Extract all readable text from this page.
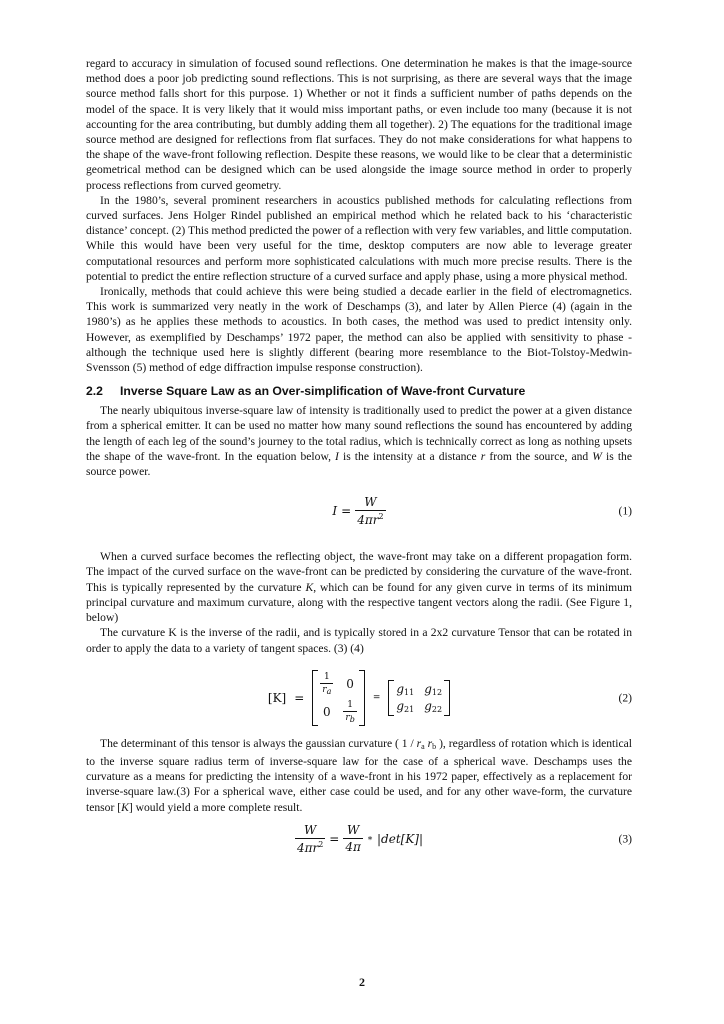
regard to accuracy in simulation of focused sound reflections. One determination he makes is that the image-source method does a poor job predicting sound reflections. This is not surprising, as there are several ways that the image source method falls short for this purpose. 1) Whether or not it finds a sufficient number of paths depends on the model of the space. It is very likely that it would miss important paths, or even include too many (because it is not accounting for the area contributing, but dumbly adding them all together). 2) The equations for the traditional image source method are designed for reflections from flat surfaces. They do not make considerations for what happens to the shape of the wave-front following reflection. Despite these reasons, we would like to be clear that a deterministic geometrical method can be designed which can be used alongside the image source method in order to properly process reflections from curved geometry.

In the 1980’s, several prominent researchers in acoustics published methods for calculating reflections from curved surfaces. Jens Holger Rindel published an empirical method which he related back to his ‘characteristic distance’ concept. (2) This method predicted the power of a reflection with very few variables, and little computation. While this would have been very useful for the time, desktop computers are now able to leverage greater computational resources and perform more sophisticated calculations with much more precise results. There is the potential to predict the entire reflection structure of a curved surface and apply phase, using a more physical method.

Ironically, methods that could achieve this were being studied a decade earlier in the field of electromagnetics. This work is summarized very neatly in the work of Deschamps (3), and later by Allen Pierce (4) (again in the 1980’s) as he applies these methods to acoustics. In both cases, the method was used to predict intensity only. However, as exemplified by Deschamps’ 1972 paper, the method can also be applied with sensitivity to phase - although the technique used here is slightly different (bearing more resemblance to the Biot-Tolstoy-Medwin-Svensson (5) method of edge diffraction impulse response construction).

2.2	Inverse Square Law as an Over-simplification of Wave-front Curvature

The nearly ubiquitous inverse-square law of intensity is traditionally used to predict the power at a given distance from a spherical emitter. It can be used no matter how many sound reflections the sound has encountered by adding the length of each leg of the sound’s journey to the total radius, which is technically correct as long as nothing upsets the shape of the wave-front. In the equation below, I is the intensity at a distance r from the source, and W is the source power.

$I = \frac{W}{4\pi r^2}$	(1)

When a curved surface becomes the reflecting object, the wave-front may take on a different propagation form. The impact of the curved surface on the wave-front can be predicted by considering the curvature of the wave-front. This is typically represented by the curvature K, which can be found for any given curve in terms of its minimum principal curvature and maximum curvature, along with the respective tangent vectors along the radii. (See Figure 1, below)

The curvature K is the inverse of the radii, and is typically stored in a 2x2 curvature Tensor that can be rotated in order to apply the data to a variety of tangent spaces. (3) (4)

[K] =
$\frac{1}{ra} 0$
$0 \frac{1}{rb}$
=
$g_{11}$ $g_{12}$
$g_{21}$ $g_{22}$
(2)

The determinant of this tensor is always the gaussian curvature ( $1 / r_a$ $r_b$ ), regardless of rotation which is identical to the inverse square radius term of inverse-square law for the case of a spherical wave. Deschamps uses the curvature as a means for predicting the intensity of a wave-front in his 1972 paper, effectively as a replacement for inverse-square law.(3) For a spherical wave, either case could be used, and for any other wave-form, the curvature tensor [K] would yield a more complete result.

$\frac{W}{4\pi r^2} = \frac{W}{4\pi}$ ∗ |det[K]|	(3)
2
